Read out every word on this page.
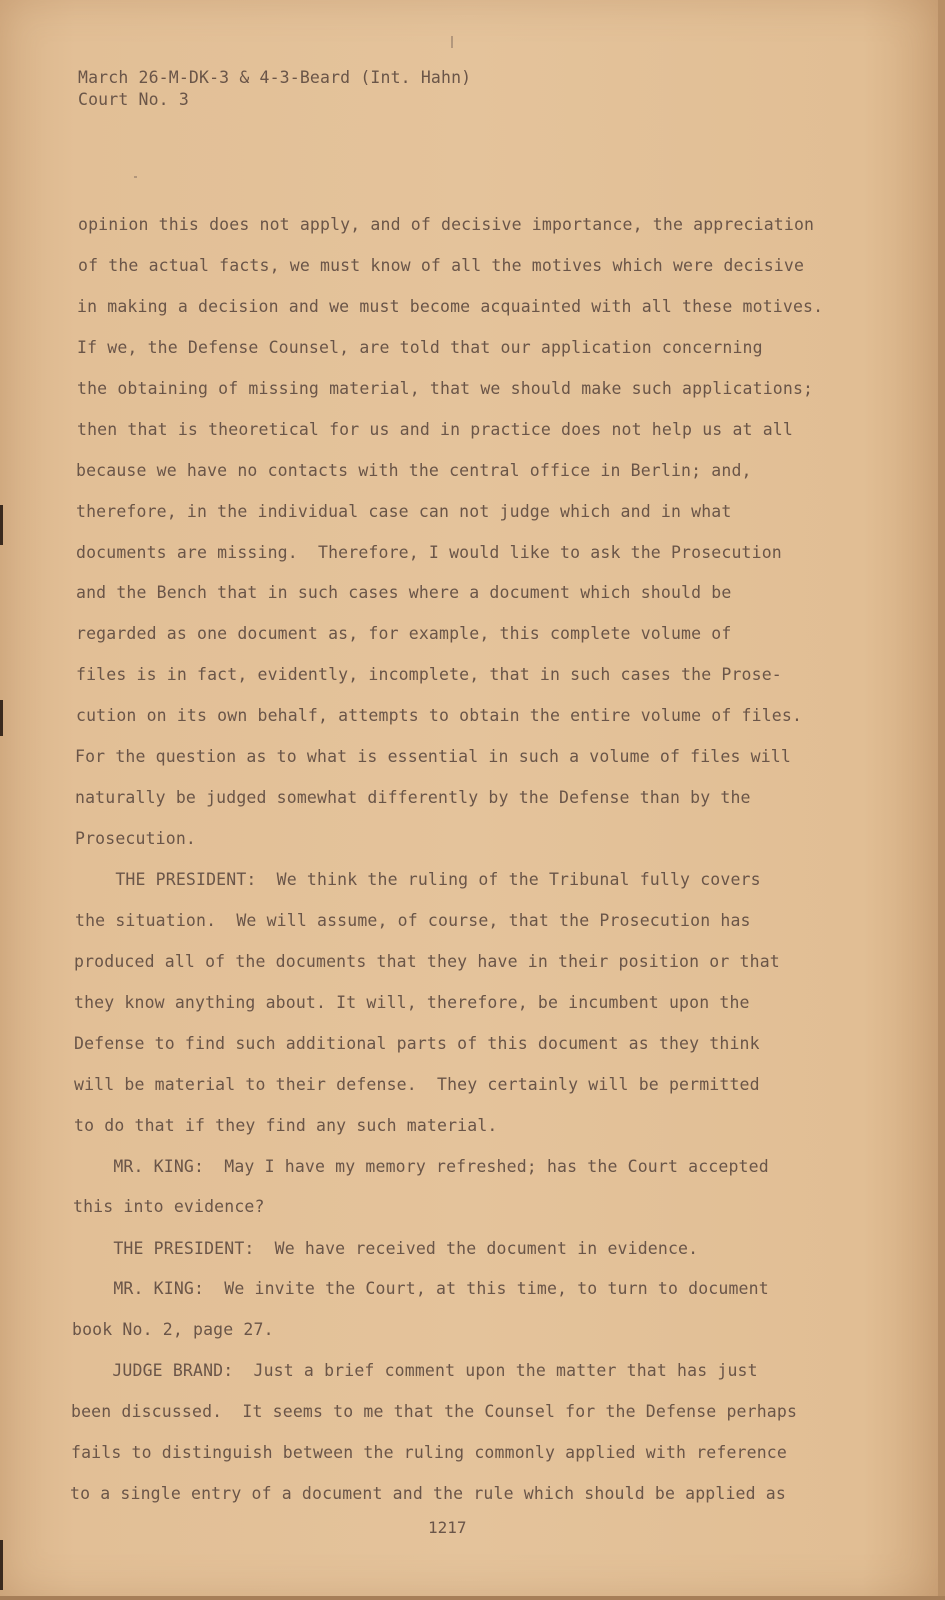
March 26-M-DK-3 & 4-3-Beard (Int. Hahn)
Court No. 3
opinion this does not apply, and of decisive importance, the appreciation
of the actual facts, we must know of all the motives which were decisive
in making a decision and we must become acquainted with all these motives.
If we, the Defense Counsel, are told that our application concerning
the obtaining of missing material, that we should make such applications;
then that is theoretical for us and in practice does not help us at all
because we have no contacts with the central office in Berlin; and,
therefore, in the individual case can not judge which and in what
documents are missing.  Therefore, I would like to ask the Prosecution
and the Bench that in such cases where a document which should be
regarded as one document as, for example, this complete volume of
files is in fact, evidently, incomplete, that in such cases the Prose-
cution on its own behalf, attempts to obtain the entire volume of files.
For the question as to what is essential in such a volume of files will
naturally be judged somewhat differently by the Defense than by the
Prosecution.
THE PRESIDENT:  We think the ruling of the Tribunal fully covers
the situation.  We will assume, of course, that the Prosecution has
produced all of the documents that they have in their position or that
they know anything about. It will, therefore, be incumbent upon the
Defense to find such additional parts of this document as they think
will be material to their defense.  They certainly will be permitted
to do that if they find any such material.
MR. KING:  May I have my memory refreshed; has the Court accepted
this into evidence?
THE PRESIDENT:  We have received the document in evidence.
MR. KING:  We invite the Court, at this time, to turn to document
book No. 2, page 27.
JUDGE BRAND:  Just a brief comment upon the matter that has just
been discussed.  It seems to me that the Counsel for the Defense perhaps
fails to distinguish between the ruling commonly applied with reference
to a single entry of a document and the rule which should be applied as
1217
